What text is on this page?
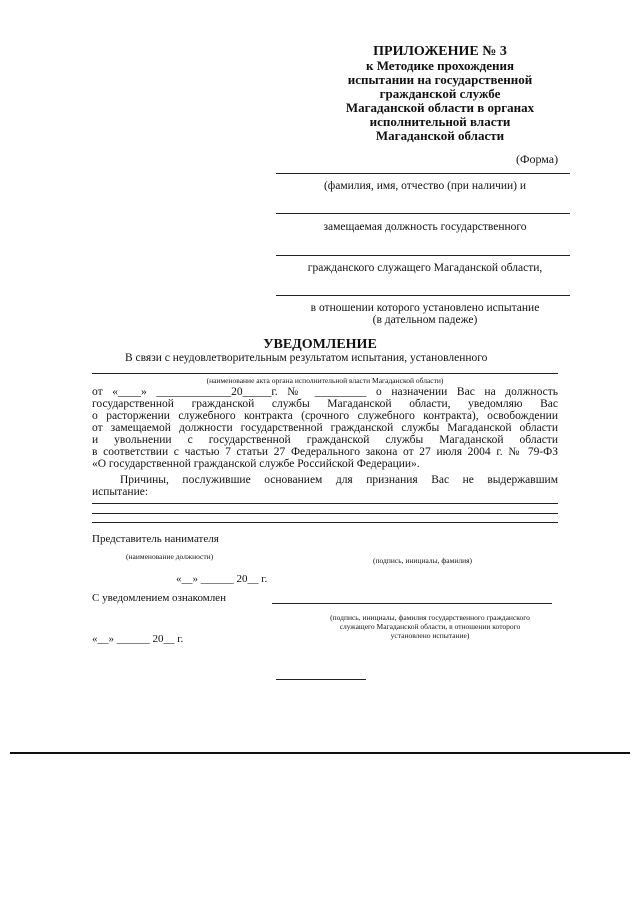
ПРИЛОЖЕНИЕ № 3
к Методике прохождения
испытании на государственной
гражданской службе
Магаданской области в органах
исполнительной власти
Магаданской области
(Форма)
(фамилия, имя, отчество (при наличии) и
замещаемая должность государственного
гражданского служащего Магаданской области,
в отношении которого установлено испытание
(в дательном падеже)
УВЕДОМЛЕНИЕ
В связи с неудовлетворительным результатом испытания, установленного
(наименование акта органа исполнительной власти Магаданской области)
от «____» _____________20_____г. № _________ о назначении Вас на должность
государственной гражданской службы Магаданской области, уведомляю Вас
о расторжении служебного контракта (срочного служебного контракта), освобождении
от замещаемой должности государственной гражданской службы Магаданской области
и увольнении с государственной гражданской службы Магаданской области
в соответствии с частью 7 статьи 27 Федерального закона от 27 июля 2004 г. № 79-ФЗ
«О государственной гражданской службе Российской Федерации».
Причины, послужившие основанием для признания Вас не выдержавшим
испытание:
Представитель нанимателя
(наименование должности)	(подпись, инициалы, фамилия)
«__» ______ 20__ г.
С уведомлением ознакомлен
(подпись, инициалы, фамилия государственного гражданского
служащего Магаданской области, в отношении которого
установлено испытание)
«__» ______ 20__ г.
